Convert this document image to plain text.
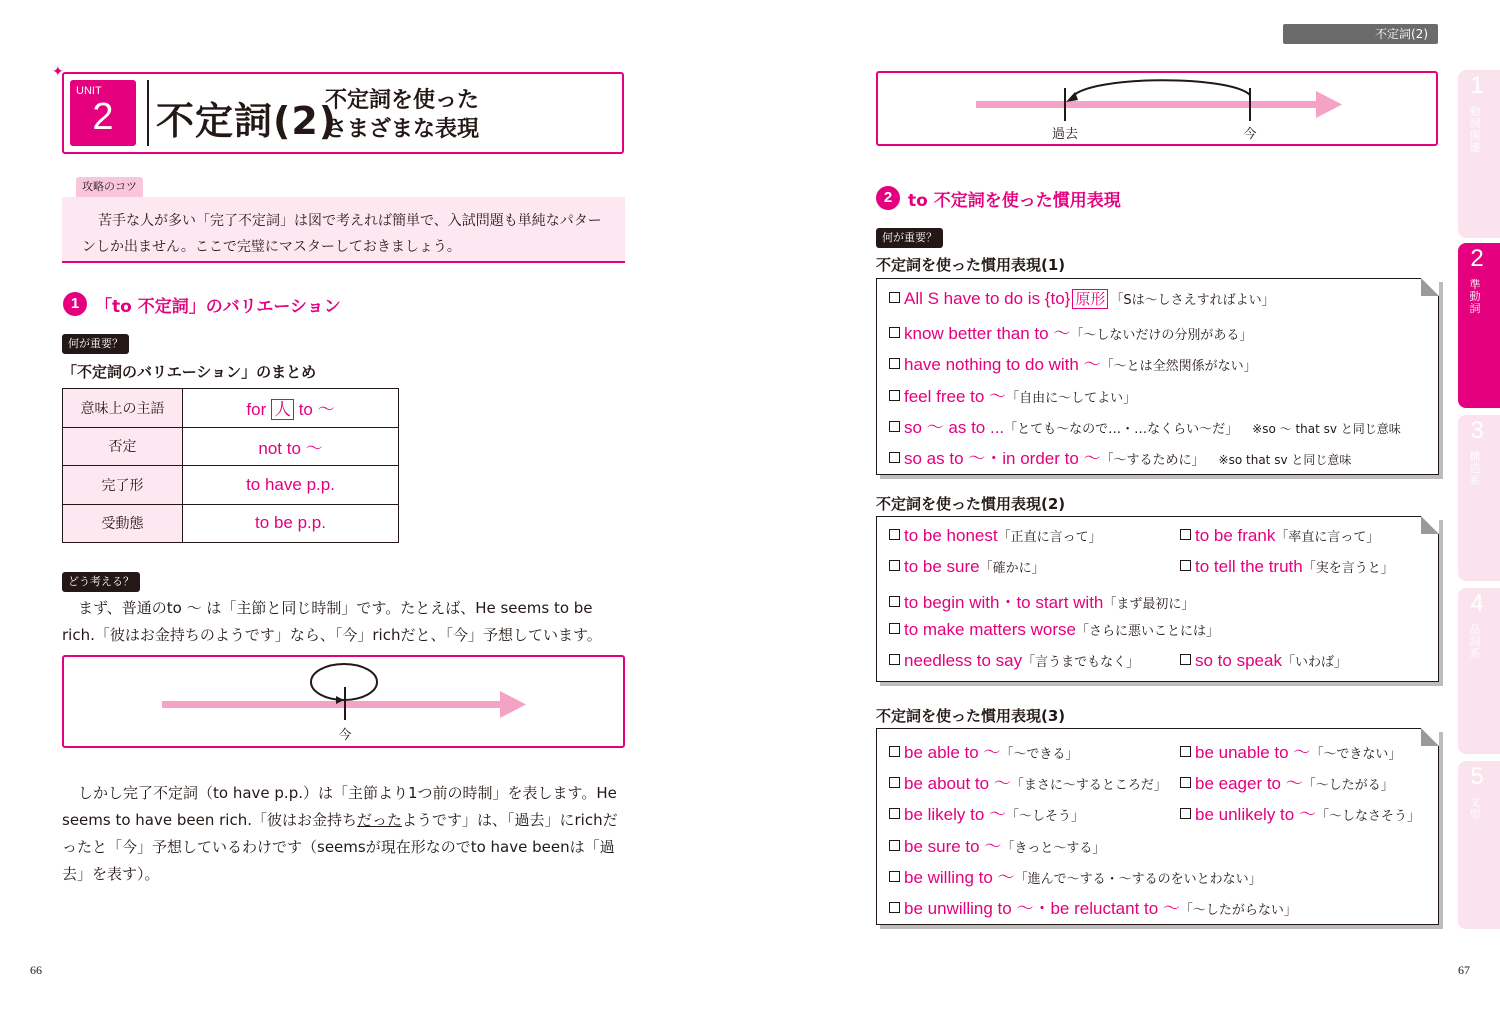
✦
UNIT
2	不定詞(2)
不定詞を使った
さまざまな表現
攻略のコツ
苦手な人が多い「完了不定詞」は図で考えれば簡単で、入試問題も単純なパターンしか出ません。ここで完璧にマスターしておきましょう。
1 「to 不定詞」のバリエーション
何が重要？
「不定詞のバリエーション」のまとめ
意味上の主語	for 人 to ～
否定	not to ～
完了形	to have p.p.
受動態	to be p.p.
どう考える？
まず、普通のto ～ は「主節と同じ時制」です。たとえば、He seems to be rich.「彼はお金持ちのようです」なら、「今」richだと、「今」予想しています。
今
しかし完了不定詞（to have p.p.）は「主節より1つ前の時制」を表します。He seems to have been rich.「彼はお金持ちだったようです」は、「過去」にrichだったと「今」予想しているわけです（seemsが現在形なのでto have beenは「過去」を表す）。
66
不定詞(2)
過去	今
2 to 不定詞を使った慣用表現
何が重要？
不定詞を使った慣用表現(1)
All S have to do is {to} 原形 「Sは～しさえすればよい」
know better than to ～「～しないだけの分別がある」
have nothing to do with ～「～とは全然関係がない」
feel free to ～「自由に～してよい」
so ～ as to ...「とても～なので…・…なくらい～だ」 ※so ～ that sv と同じ意味
so as to ～・in order to ～「～するために」 ※so that sv と同じ意味
不定詞を使った慣用表現(2)
to be honest「正直に言って」	to be frank「率直に言って」
to be sure「確かに」	to tell the truth「実を言うと」
to begin with・to start with「まず最初に」
to make matters worse「さらに悪いことには」
needless to say「言うまでもなく」	so to speak「いわば」
不定詞を使った慣用表現(3)
be able to ～「～できる」	be unable to ～「～できない」
be about to ～「まさに～するところだ」	be eager to ～「～したがる」
be likely to ～「～しそう」	be unlikely to ～「～しなさそう」
be sure to ～「きっと～する」
be willing to ～「進んで～する・～するのをいとわない」
be unwilling to ～・be reluctant to ～「～したがらない」
1
動詞関連
2
準動詞
3
構造系
4
品詞系
5
文型
67
